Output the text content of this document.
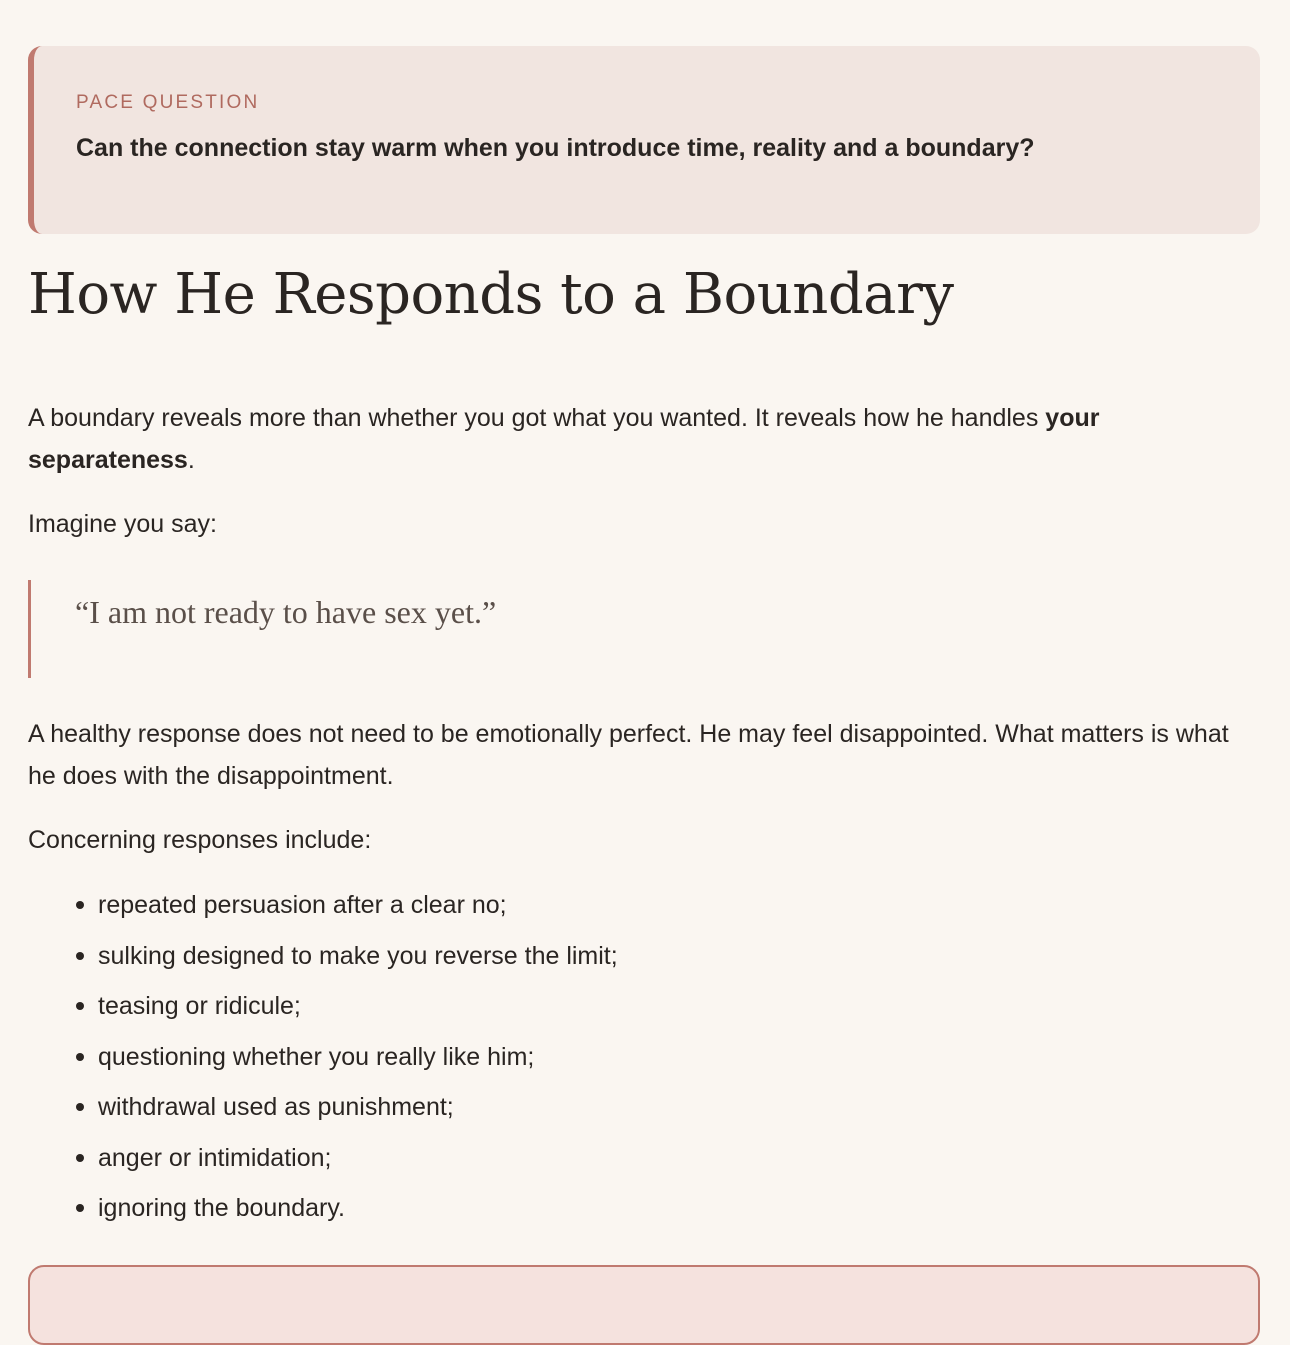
PACE QUESTION

Can the connection stay warm when you introduce time, reality and a boundary?

How He Responds to a Boundary

A boundary reveals more than whether you got what you wanted. It reveals how he handles your separateness.

Imagine you say:

“I am not ready to have sex yet.”

A healthy response does not need to be emotionally perfect. He may feel disappointed. What matters is what he does with the disappointment.

Concerning responses include:

repeated persuasion after a clear no;
sulking designed to make you reverse the limit;
teasing or ridicule;
questioning whether you really like him;
withdrawal used as punishment;
anger or intimidation;
ignoring the boundary.
